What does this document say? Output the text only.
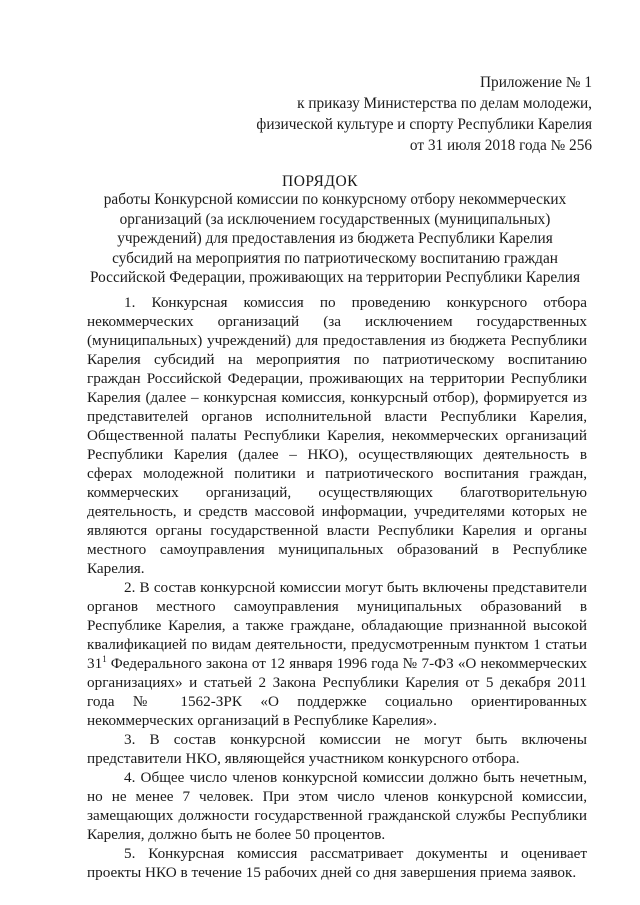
Приложение № 1
к приказу Министерства по делам молодежи,
физической культуре и спорту Республики Карелия
от 31 июля 2018 года № 256
ПОРЯДОК
работы Конкурсной комиссии по конкурсному отбору некоммерческих организаций (за исключением государственных (муниципальных) учреждений) для предоставления из бюджета Республики Карелия субсидий на мероприятия по патриотическому воспитанию граждан Российской Федерации, проживающих на территории Республики Карелия

1. Конкурсная комиссия по проведению конкурсного отбора некоммерческих организаций (за исключением государственных (муниципальных) учреждений) для предоставления из бюджета Республики Карелия субсидий на мероприятия по патриотическому воспитанию граждан Российской Федерации, проживающих на территории Республики Карелия (далее – конкурсная комиссия, конкурсный отбор), формируется из представителей органов исполнительной власти Республики Карелия, Общественной палаты Республики Карелия, некоммерческих организаций Республики Карелия (далее – НКО), осуществляющих деятельность в сферах молодежной политики и патриотического воспитания граждан, коммерческих организаций, осуществляющих благотворительную деятельность, и средств массовой информации, учредителями которых не являются органы государственной власти Республики Карелия и органы местного самоуправления муниципальных образований в Республике Карелия.

2. В состав конкурсной комиссии могут быть включены представители органов местного самоуправления муниципальных образований в Республике Карелия, а также граждане, обладающие признанной высокой квалификацией по видам деятельности, предусмотренным пунктом 1 статьи $31^1$ Федерального закона от 12 января 1996 года № 7-ФЗ «О некоммерческих организациях» и статьей 2 Закона Республики Карелия от 5 декабря 2011 года № 1562-ЗРК «О поддержке социально ориентированных некоммерческих организаций в Республике Карелия».

3. В состав конкурсной комиссии не могут быть включены представители НКО, являющейся участником конкурсного отбора.

4. Общее число членов конкурсной комиссии должно быть нечетным, но не менее 7 человек. При этом число членов конкурсной комиссии, замещающих должности государственной гражданской службы Республики Карелия, должно быть не более 50 процентов.

5. Конкурсная комиссия рассматривает документы и оценивает проекты НКО в течение 15 рабочих дней со дня завершения приема заявок.
